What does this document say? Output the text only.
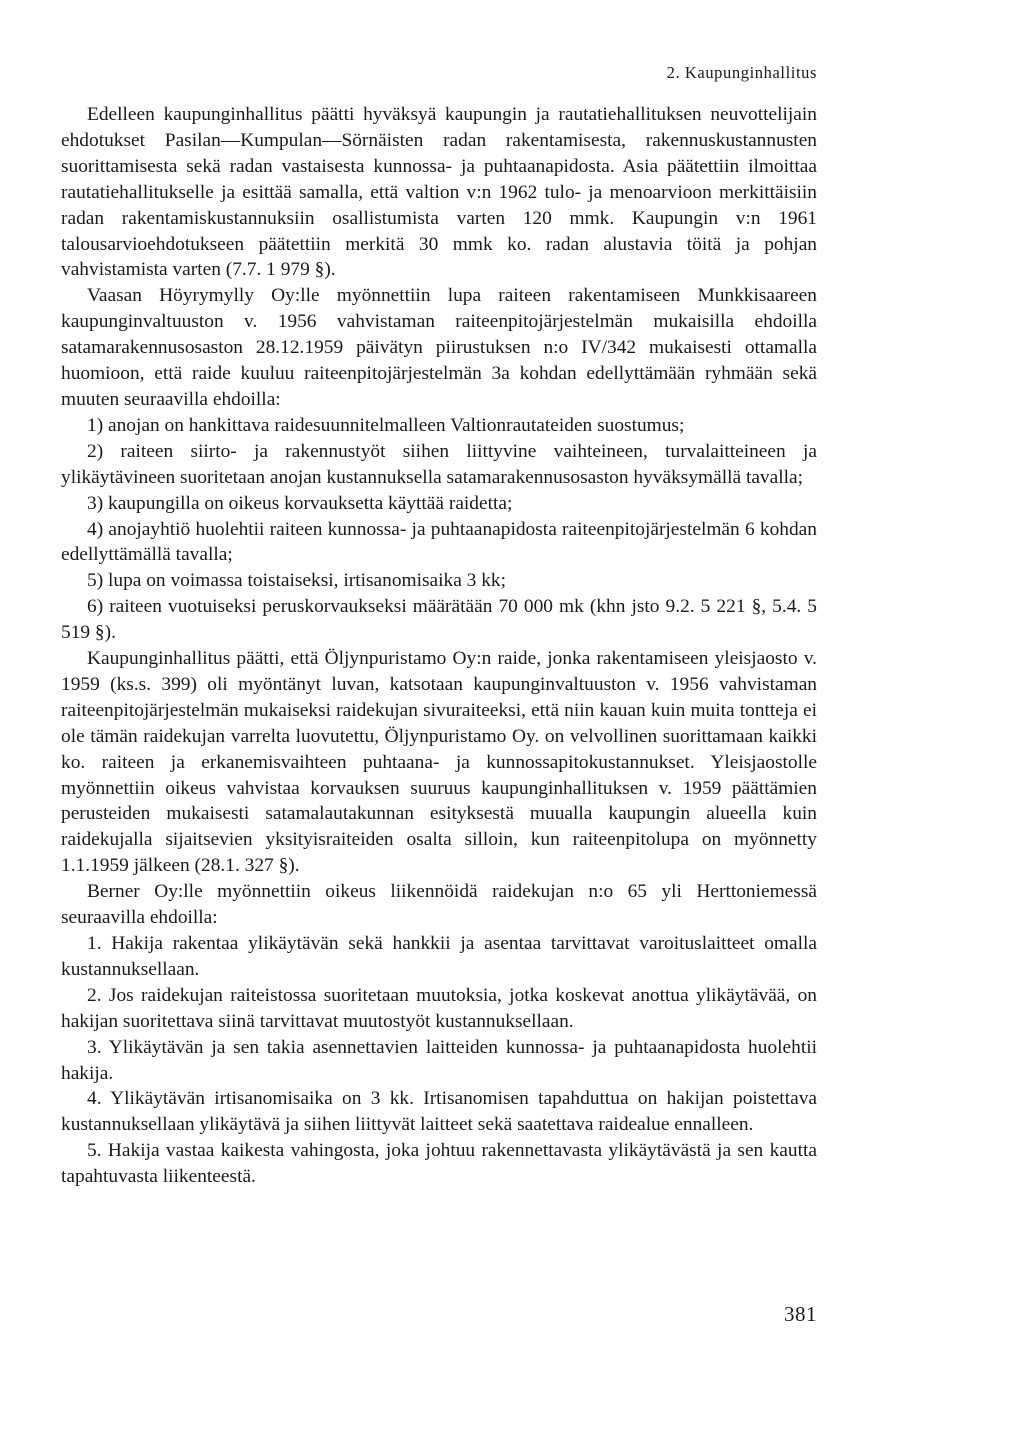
2. Kaupunginhallitus

Edelleen kaupunginhallitus päätti hyväksyä kaupungin ja rautatiehallituksen neuvottelijain ehdotukset Pasilan—Kumpulan—Sörnäisten radan rakentamisesta, rakennuskustannusten suorittamisesta sekä radan vastaisesta kunnossa- ja puhtaanapidosta. Asia päätettiin ilmoittaa rautatiehallitukselle ja esittää samalla, että valtion v:n 1962 tulo- ja menoarvioon merkittäisiin radan rakentamiskustannuksiin osallistumista varten 120 mmk. Kaupungin v:n 1961 talousarvioehdotukseen päätettiin merkitä 30 mmk ko. radan alustavia töitä ja pohjan vahvistamista varten (7.7. 1 979 §).

Vaasan Höyrymylly Oy:lle myönnettiin lupa raiteen rakentamiseen Munkkisaareen kaupunginvaltuuston v. 1956 vahvistaman raiteenpitojärjestelmän mukaisilla ehdoilla satamarakennusosaston 28.12.1959 päivätyn piirustuksen n:o IV/342 mukaisesti ottamalla huomioon, että raide kuuluu raiteenpitojärjestelmän 3a kohdan edellyttämään ryhmään sekä muuten seuraavilla ehdoilla:

1) anojan on hankittava raidesuunnitelmalleen Valtionrautateiden suostumus;

2) raiteen siirto- ja rakennustyöt siihen liittyvine vaihteineen, turvalaitteineen ja ylikäytävineen suoritetaan anojan kustannuksella satamarakennusosaston hyväksymällä tavalla;

3) kaupungilla on oikeus korvauksetta käyttää raidetta;

4) anojayhtiö huolehtii raiteen kunnossa- ja puhtaanapidosta raiteenpitojärjestelmän 6 kohdan edellyttämällä tavalla;

5) lupa on voimassa toistaiseksi, irtisanomisaika 3 kk;

6) raiteen vuotuiseksi peruskorvaukseksi määrätään 70 000 mk (khn jsto 9.2. 5 221 §, 5.4. 5 519 §).

Kaupunginhallitus päätti, että Öljynpuristamo Oy:n raide, jonka rakentamiseen yleisjaosto v. 1959 (ks.s. 399) oli myöntänyt luvan, katsotaan kaupunginvaltuuston v. 1956 vahvistaman raiteenpitojärjestelmän mukaiseksi raidekujan sivuraiteeksi, että niin kauan kuin muita tontteja ei ole tämän raidekujan varrelta luovutettu, Öljynpuristamo Oy. on velvollinen suorittamaan kaikki ko. raiteen ja erkanemisvaihteen puhtaana- ja kunnossapitokustannukset. Yleisjaostolle myönnettiin oikeus vahvistaa korvauksen suuruus kaupunginhallituksen v. 1959 päättämien perusteiden mukaisesti satamalautakunnan esityksestä muualla kaupungin alueella kuin raidekujalla sijaitsevien yksityisraiteiden osalta silloin, kun raiteenpitolupa on myönnetty 1.1.1959 jälkeen (28.1. 327 §).

Berner Oy:lle myönnettiin oikeus liikennöidä raidekujan n:o 65 yli Herttoniemessä seuraavilla ehdoilla:

1. Hakija rakentaa ylikäytävän sekä hankkii ja asentaa tarvittavat varoituslaitteet omalla kustannuksellaan.

2. Jos raidekujan raiteistossa suoritetaan muutoksia, jotka koskevat anottua ylikäytävää, on hakijan suoritettava siinä tarvittavat muutostyöt kustannuksellaan.

3. Ylikäytävän ja sen takia asennettavien laitteiden kunnossa- ja puhtaanapidosta huolehtii hakija.

4. Ylikäytävän irtisanomisaika on 3 kk. Irtisanomisen tapahduttua on hakijan poistettava kustannuksellaan ylikäytävä ja siihen liittyvät laitteet sekä saatettava raidealue ennalleen.

5. Hakija vastaa kaikesta vahingosta, joka johtuu rakennettavasta ylikäytävästä ja sen kautta tapahtuvasta liikenteestä.

381
